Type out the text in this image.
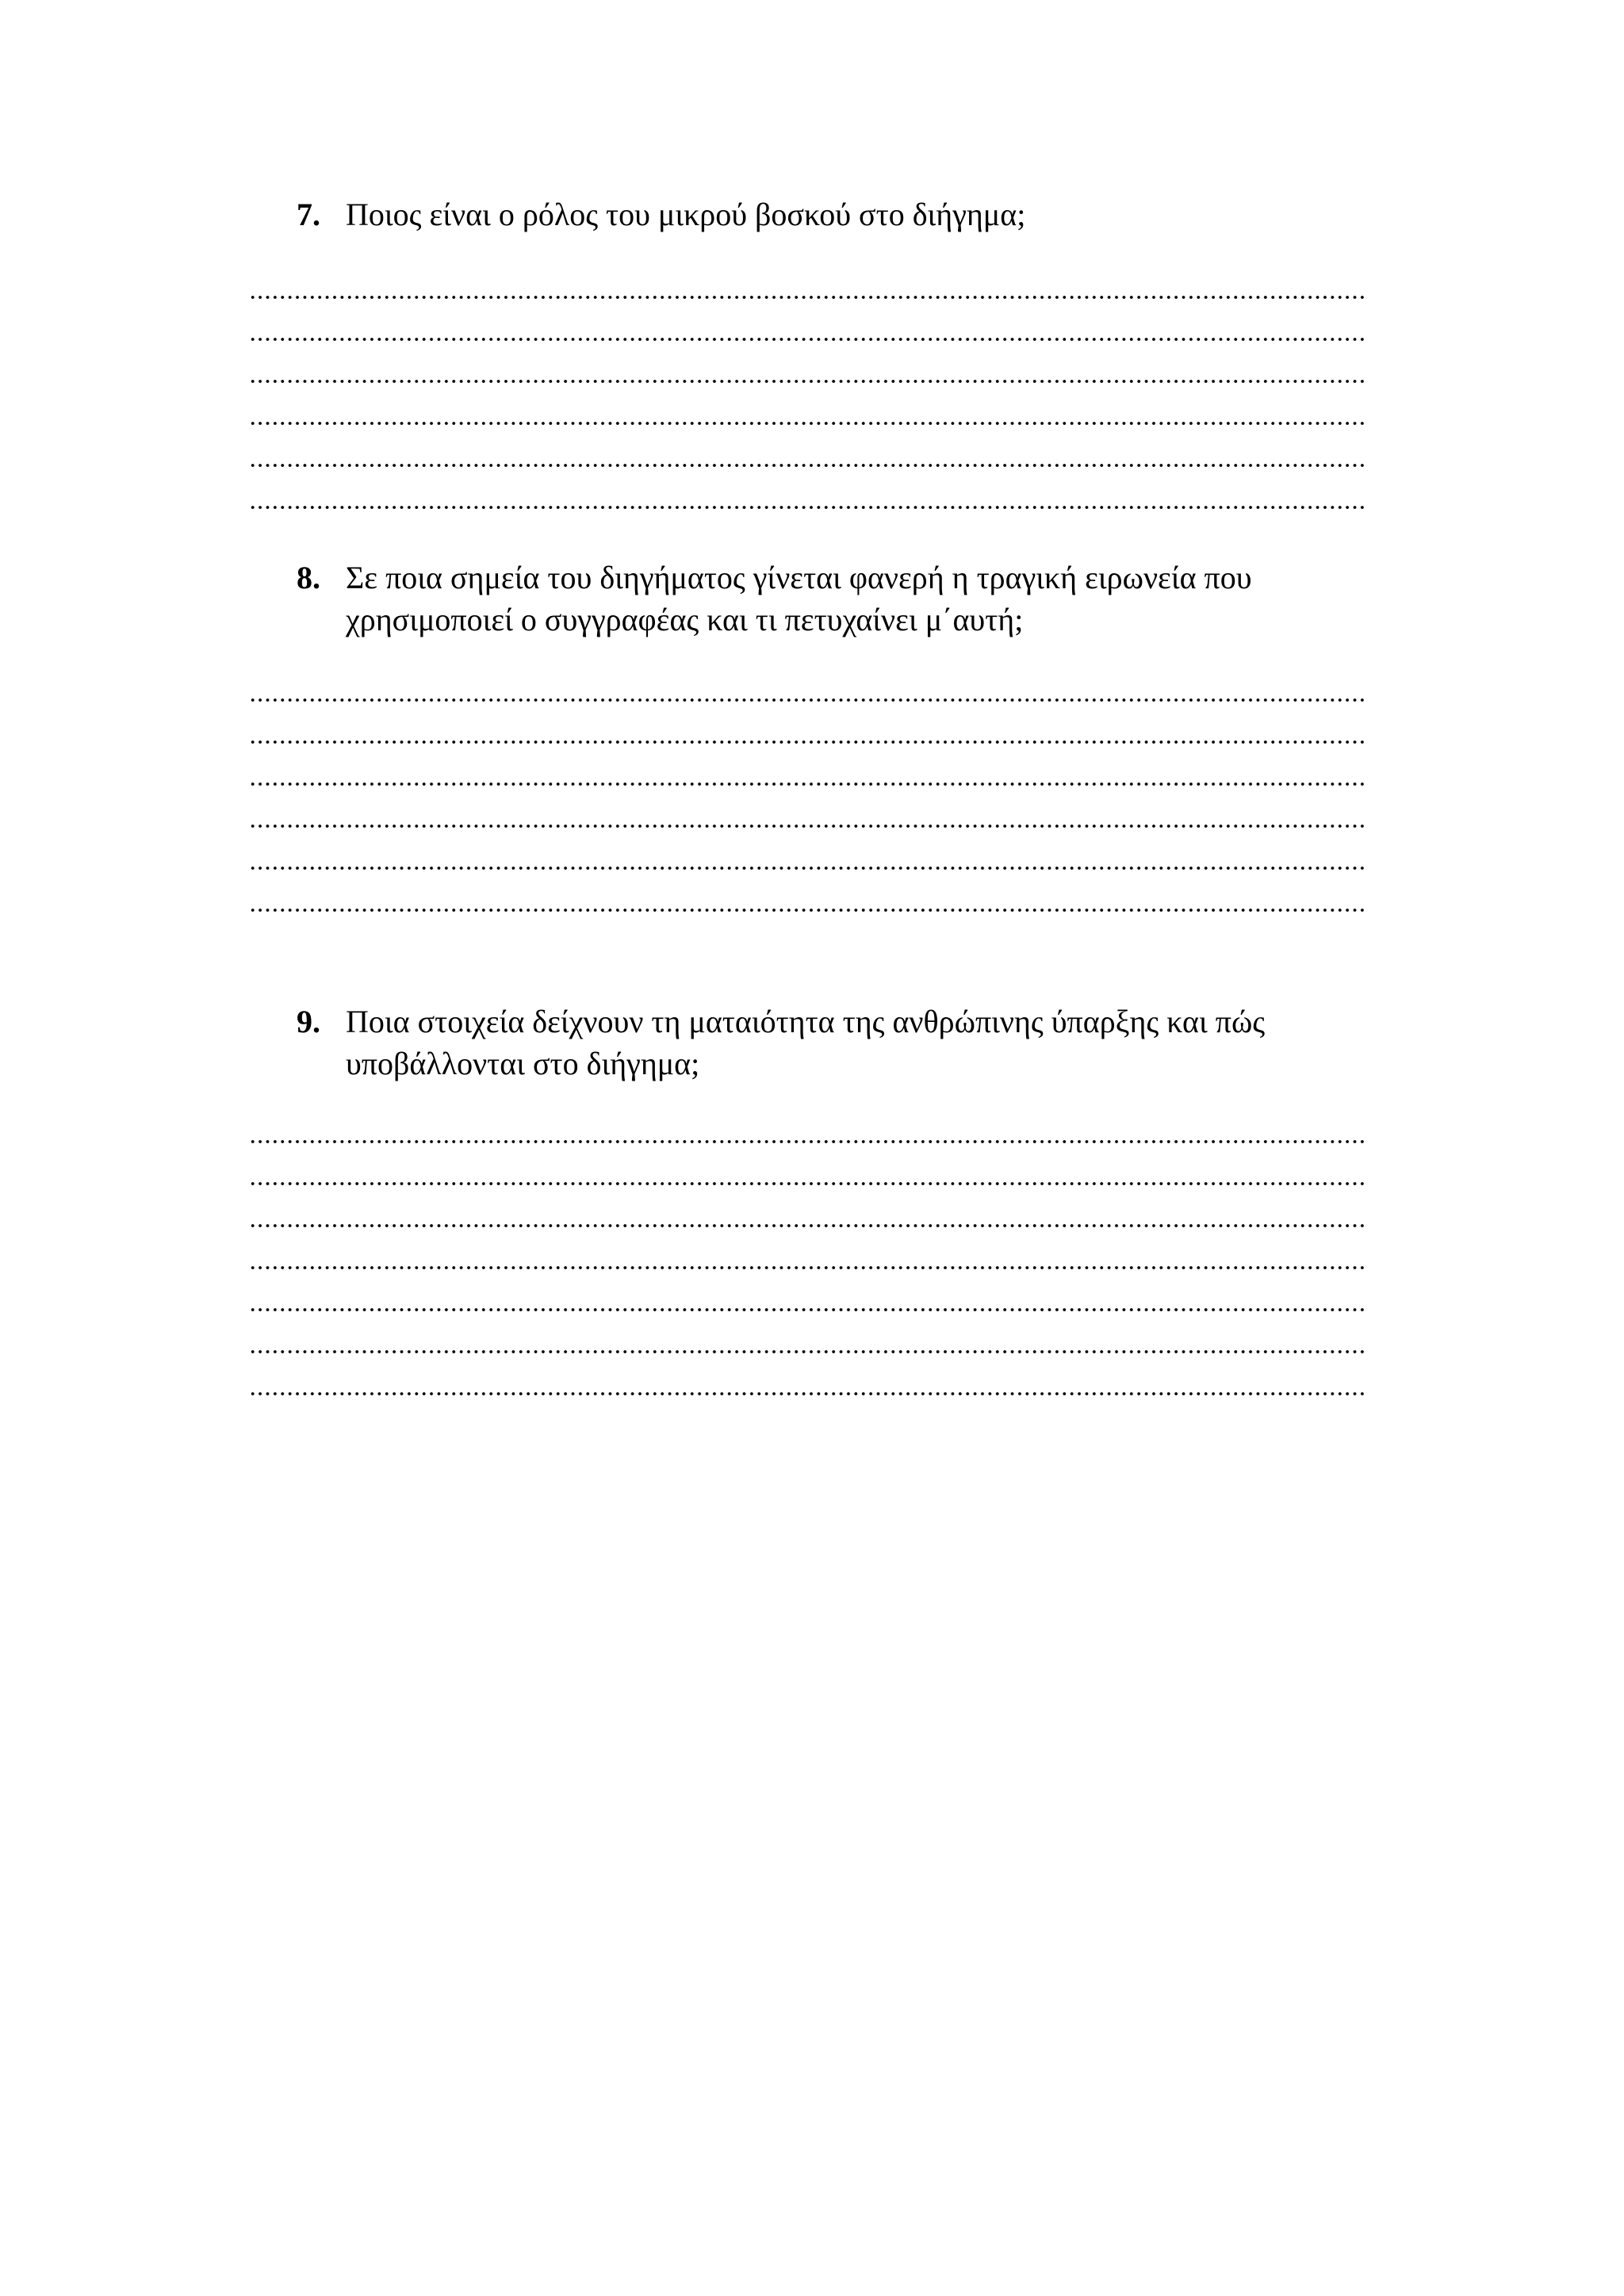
7. Ποιος είναι ο ρόλος του μικρού βοσκού στο διήγημα;
8. Σε ποια σημεία του διηγήματος γίνεται φανερή η τραγική ειρωνεία που
χρησιμοποιεί ο συγγραφέας και τι πετυχαίνει μ΄αυτή;
9. Ποια στοιχεία δείχνουν τη ματαιότητα της ανθρώπινης ύπαρξης και πώς
υποβάλλονται στο διήγημα;
